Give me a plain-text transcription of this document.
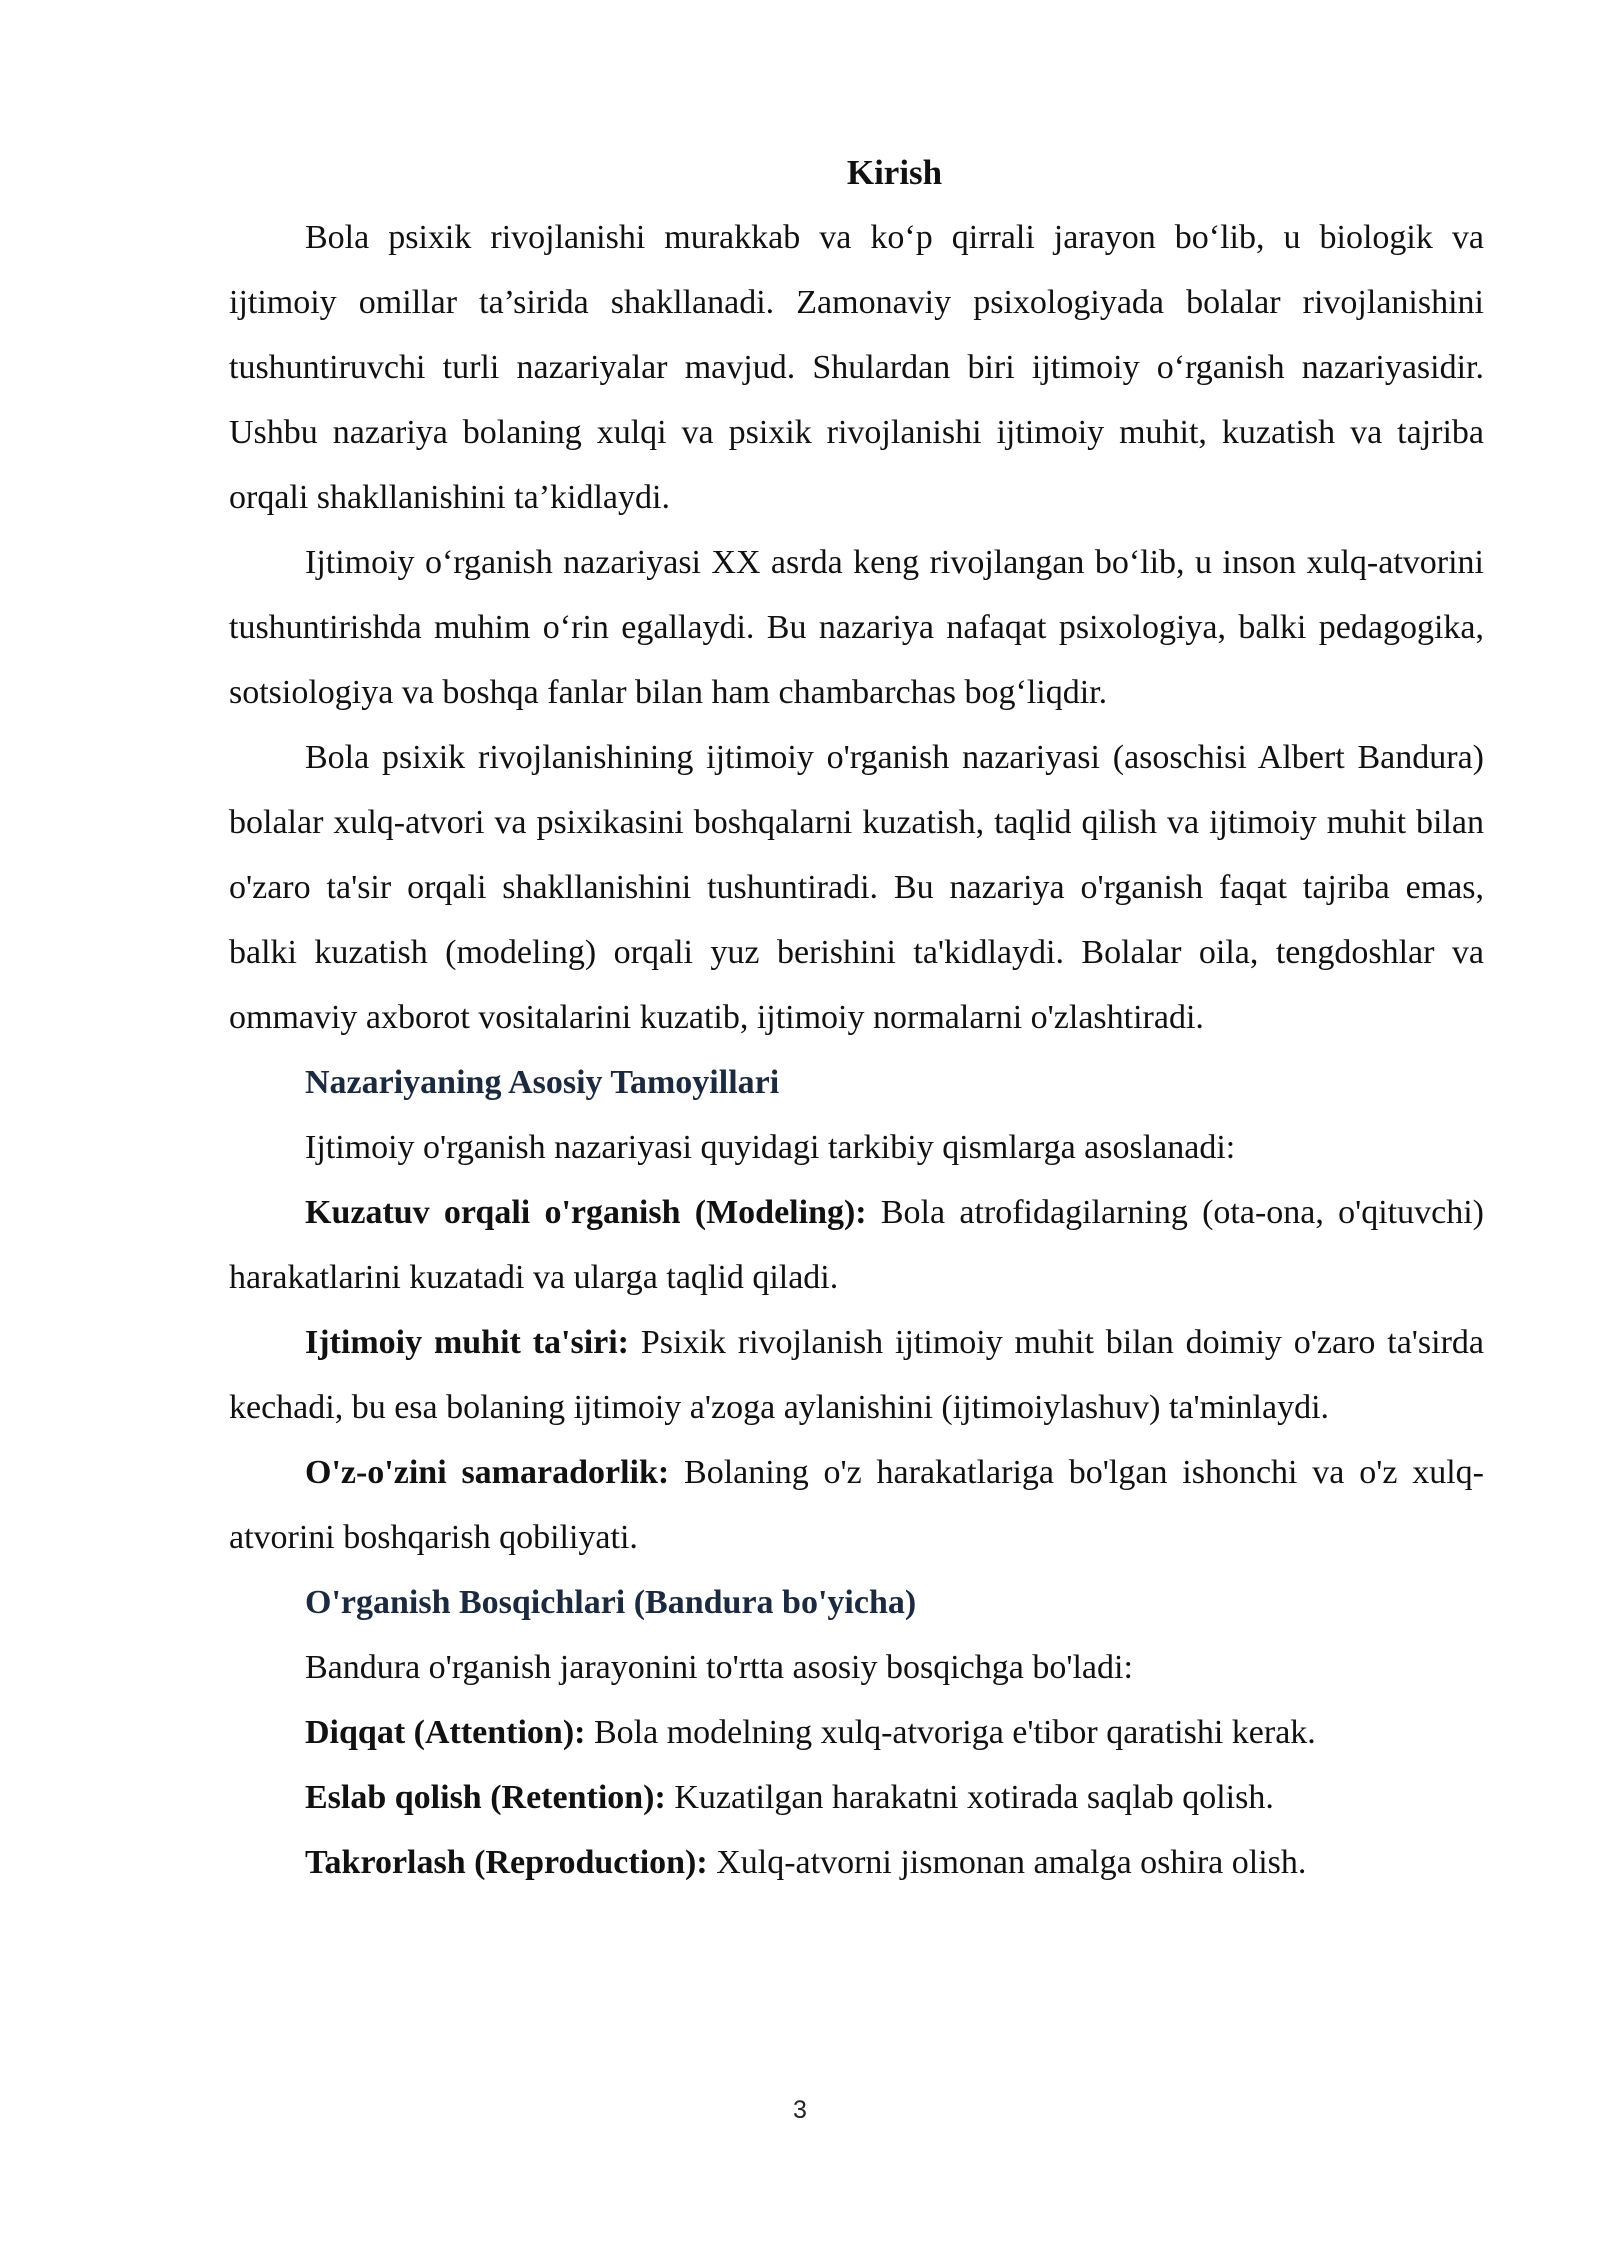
Kirish

Bola psixik rivojlanishi murakkab va ko‘p qirrali jarayon bo‘lib, u biologik va ijtimoiy omillar ta’sirida shakllanadi. Zamonaviy psixologiyada bolalar rivojlanishini tushuntiruvchi turli nazariyalar mavjud. Shulardan biri ijtimoiy o‘rganish nazariyasidir. Ushbu nazariya bolaning xulqi va psixik rivojlanishi ijtimoiy muhit, kuzatish va tajriba orqali shakllanishini ta’kidlaydi.

Ijtimoiy o‘rganish nazariyasi XX asrda keng rivojlangan bo‘lib, u inson xulq-atvorini tushuntirishda muhim o‘rin egallaydi. Bu nazariya nafaqat psixologiya, balki pedagogika, sotsiologiya va boshqa fanlar bilan ham chambarchas bog‘liqdir.

Bola psixik rivojlanishining ijtimoiy o'rganish nazariyasi (asoschisi Albert Bandura) bolalar xulq-atvori va psixikasini boshqalarni kuzatish, taqlid qilish va ijtimoiy muhit bilan o'zaro ta'sir orqali shakllanishini tushuntiradi. Bu nazariya o'rganish faqat tajriba emas, balki kuzatish (modeling) orqali yuz berishini ta'kidlaydi. Bolalar oila, tengdoshlar va ommaviy axborot vositalarini kuzatib, ijtimoiy normalarni o'zlashtiradi.

Nazariyaning Asosiy Tamoyillari

Ijtimoiy o'rganish nazariyasi quyidagi tarkibiy qismlarga asoslanadi:

Kuzatuv orqali o'rganish (Modeling): Bola atrofidagilarning (ota-ona, o'qituvchi) harakatlarini kuzatadi va ularga taqlid qiladi.

Ijtimoiy muhit ta'siri: Psixik rivojlanish ijtimoiy muhit bilan doimiy o'zaro ta'sirda kechadi, bu esa bolaning ijtimoiy a'zoga aylanishini (ijtimoiylashuv) ta'minlaydi.

O'z-o'zini samaradorlik: Bolaning o'z harakatlariga bo'lgan ishonchi va o'z xulq-atvorini boshqarish qobiliyati.

O'rganish Bosqichlari (Bandura bo'yicha)

Bandura o'rganish jarayonini to'rtta asosiy bosqichga bo'ladi:

Diqqat (Attention): Bola modelning xulq-atvoriga e'tibor qaratishi kerak.

Eslab qolish (Retention): Kuzatilgan harakatni xotirada saqlab qolish.

Takrorlash (Reproduction): Xulq-atvorni jismonan amalga oshira olish.

3
